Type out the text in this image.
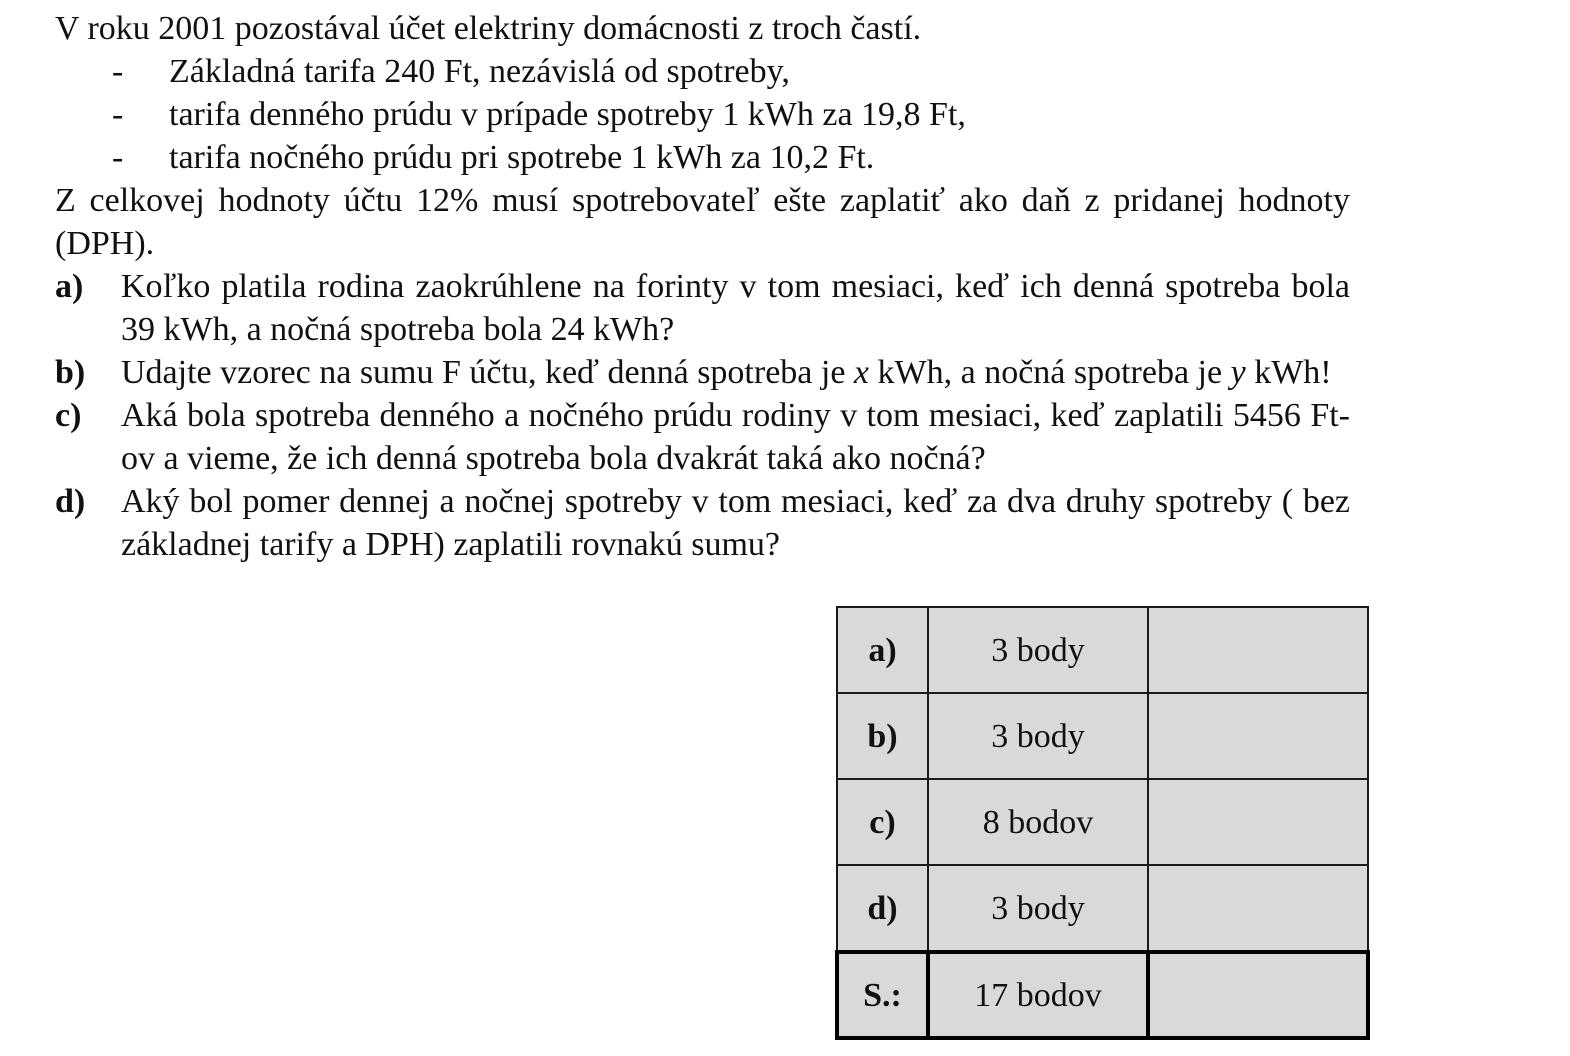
V roku 2001 pozostával účet elektriny domácnosti z troch častí.

- Základná tarifa 240 Ft, nezávislá od spotreby,
- tarifa denného prúdu v prípade spotreby 1 kWh za 19,8 Ft,
- tarifa nočného prúdu pri spotrebe 1 kWh za 10,2 Ft.

Z celkovej hodnoty účtu 12% musí spotrebovateľ ešte zaplatiť ako daň z pridanej hodnoty (DPH).

a) Koľko platila rodina zaokrúhlene na forinty v tom mesiaci, keď ich denná spotreba bola 39 kWh, a nočná spotreba bola 24 kWh?
b) Udajte vzorec na sumu F účtu, keď denná spotreba je x kWh, a nočná spotreba je y kWh!
c) Aká bola spotreba denného a nočného prúdu rodiny v tom mesiaci, keď zaplatili 5456 Ft-ov a vieme, že ich denná spotreba bola dvakrát taká ako nočná?
d) Aký bol pomer dennej a nočnej spotreby v tom mesiaci, keď za dva druhy spotreby ( bez základnej tarify a DPH) zaplatili rovnakú sumu?
a)	3 body	
b)	3 body	
c)	8 bodov	
d)	3 body	
S.:	17 bodov	
